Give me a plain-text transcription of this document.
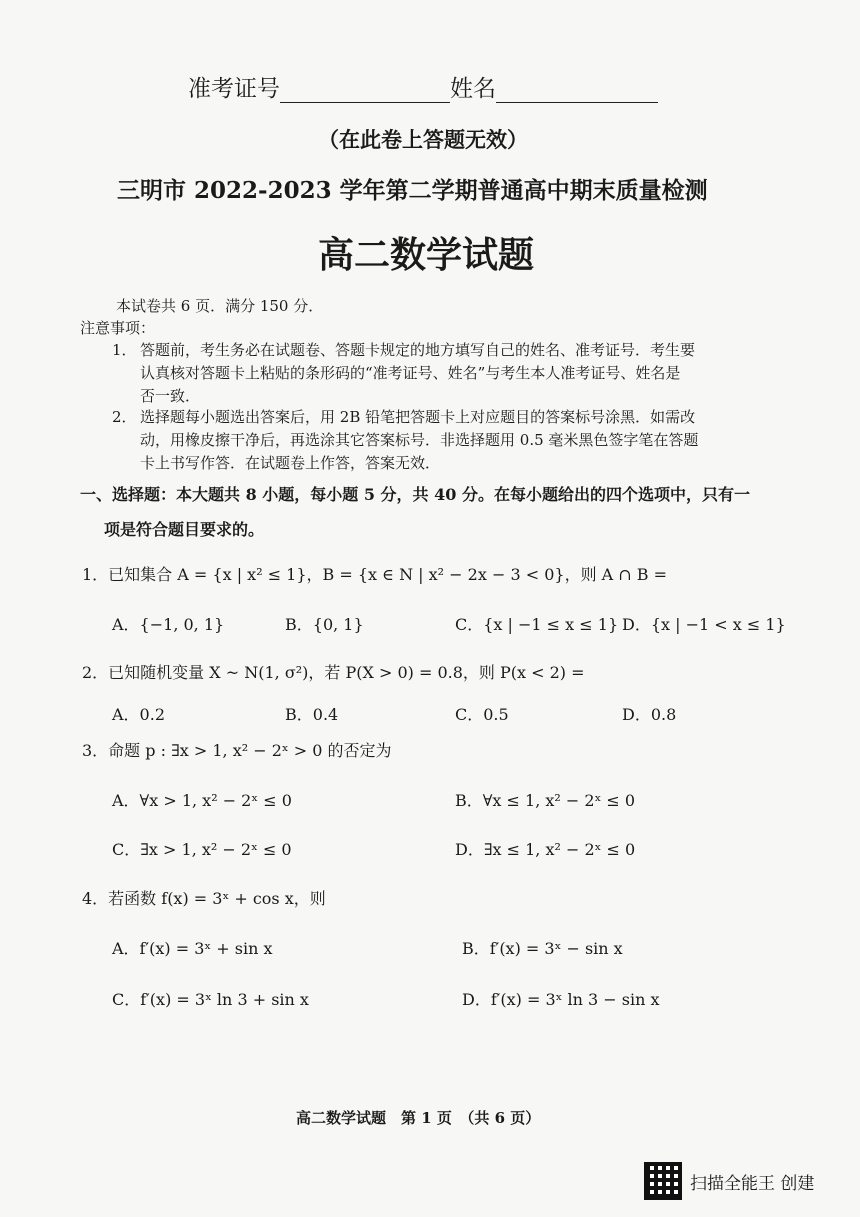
准考证号	姓名
（在此卷上答题无效）
三明市 2022-2023 学年第二学期普通高中期末质量检测
高二数学试题
本试卷共 6 页．满分 150 分．
注意事项：
1． 答题前，考生务必在试题卷、答题卡规定的地方填写自己的姓名、准考证号．考生要
认真核对答题卡上粘贴的条形码的“准考证号、姓名”与考生本人准考证号、姓名是
否一致．
2． 选择题每小题选出答案后，用 2B 铅笔把答题卡上对应题目的答案标号涂黑．如需改
动，用橡皮擦干净后，再选涂其它答案标号．非选择题用 0.5 毫米黑色签字笔在答题
卡上书写作答．在试题卷上作答，答案无效．
一、选择题：本大题共 8 小题，每小题 5 分，共 40 分。在每小题给出的四个选项中，只有一
项是符合题目要求的。
1．已知集合 A = {x | x² ≤ 1}，B = {x ∈ N | x² − 2x − 3 < 0}，则 A ∩ B =
A．{−1, 0, 1}	B．{0, 1}	C．{x | −1 ≤ x ≤ 1} D．{x | −1 < x ≤ 1}
2．已知随机变量 X ~ N(1, σ²)，若 P(X > 0) = 0.8，则 P(x < 2) =
A．0.2	B．0.4	C．0.5	D．0.8
3．命题 p : ∃x > 1, x² − 2ˣ > 0 的否定为
A．∀x > 1, x² − 2ˣ ≤ 0	B．∀x ≤ 1, x² − 2ˣ ≤ 0
C．∃x > 1, x² − 2ˣ ≤ 0	D．∃x ≤ 1, x² − 2ˣ ≤ 0
4．若函数 f(x) = 3ˣ + cos x，则
A．f′(x) = 3ˣ + sin x	B．f′(x) = 3ˣ − sin x
C．f′(x) = 3ˣ ln 3 + sin x	D．f′(x) = 3ˣ ln 3 − sin x
高二数学试题　第 1 页　（共 6 页）
扫描全能王 创建
